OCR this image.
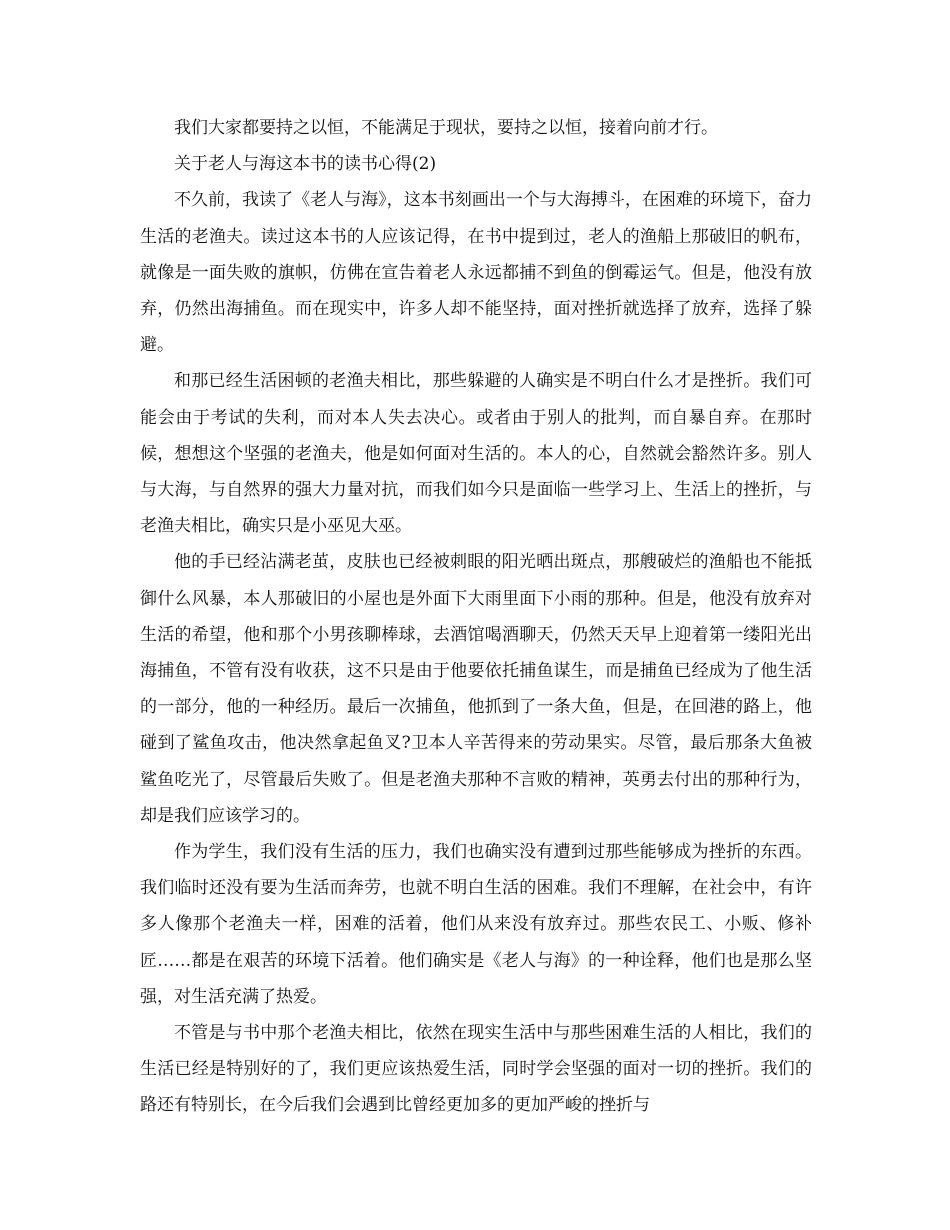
我们大家都要持之以恒，不能满足于现状，要持之以恒，接着向前才行。

关于老人与海这本书的读书心得(2)

不久前，我读了《老人与海》，这本书刻画出一个与大海搏斗，在困难的环境下，奋力生活的老渔夫。读过这本书的人应该记得，在书中提到过，老人的渔船上那破旧的帆布，就像是一面失败的旗帜，仿佛在宣告着老人永远都捕不到鱼的倒霉运气。但是，他没有放弃，仍然出海捕鱼。而在现实中，许多人却不能坚持，面对挫折就选择了放弃，选择了躲避。

和那已经生活困顿的老渔夫相比，那些躲避的人确实是不明白什么才是挫折。我们可能会由于考试的失利，而对本人失去决心。或者由于别人的批判，而自暴自弃。在那时候，想想这个坚强的老渔夫，他是如何面对生活的。本人的心，自然就会豁然许多。别人与大海，与自然界的强大力量对抗，而我们如今只是面临一些学习上、生活上的挫折，与老渔夫相比，确实只是小巫见大巫。

他的手已经沾满老茧，皮肤也已经被刺眼的阳光晒出斑点，那艘破烂的渔船也不能抵御什么风暴，本人那破旧的小屋也是外面下大雨里面下小雨的那种。但是，他没有放弃对生活的希望，他和那个小男孩聊棒球，去酒馆喝酒聊天，仍然天天早上迎着第一缕阳光出海捕鱼，不管有没有收获，这不只是由于他要依托捕鱼谋生，而是捕鱼已经成为了他生活的一部分，他的一种经历。最后一次捕鱼，他抓到了一条大鱼，但是，在回港的路上，他碰到了鲨鱼攻击，他决然拿起鱼叉?卫本人辛苦得来的劳动果实。尽管，最后那条大鱼被鲨鱼吃光了，尽管最后失败了。但是老渔夫那种不言败的精神，英勇去付出的那种行为，却是我们应该学习的。

作为学生，我们没有生活的压力，我们也确实没有遭到过那些能够成为挫折的东西。我们临时还没有要为生活而奔劳，也就不明白生活的困难。我们不理解，在社会中，有许多人像那个老渔夫一样，困难的活着，他们从来没有放弃过。那些农民工、小贩、修补匠……都是在艰苦的环境下活着。他们确实是《老人与海》的一种诠释，他们也是那么坚强，对生活充满了热爱。

不管是与书中那个老渔夫相比，依然在现实生活中与那些困难生活的人相比，我们的生活已经是特别好的了，我们更应该热爱生活，同时学会坚强的面对一切的挫折。我们的路还有特别长，在今后我们会遇到比曾经更加多的更加严峻的挫折与
